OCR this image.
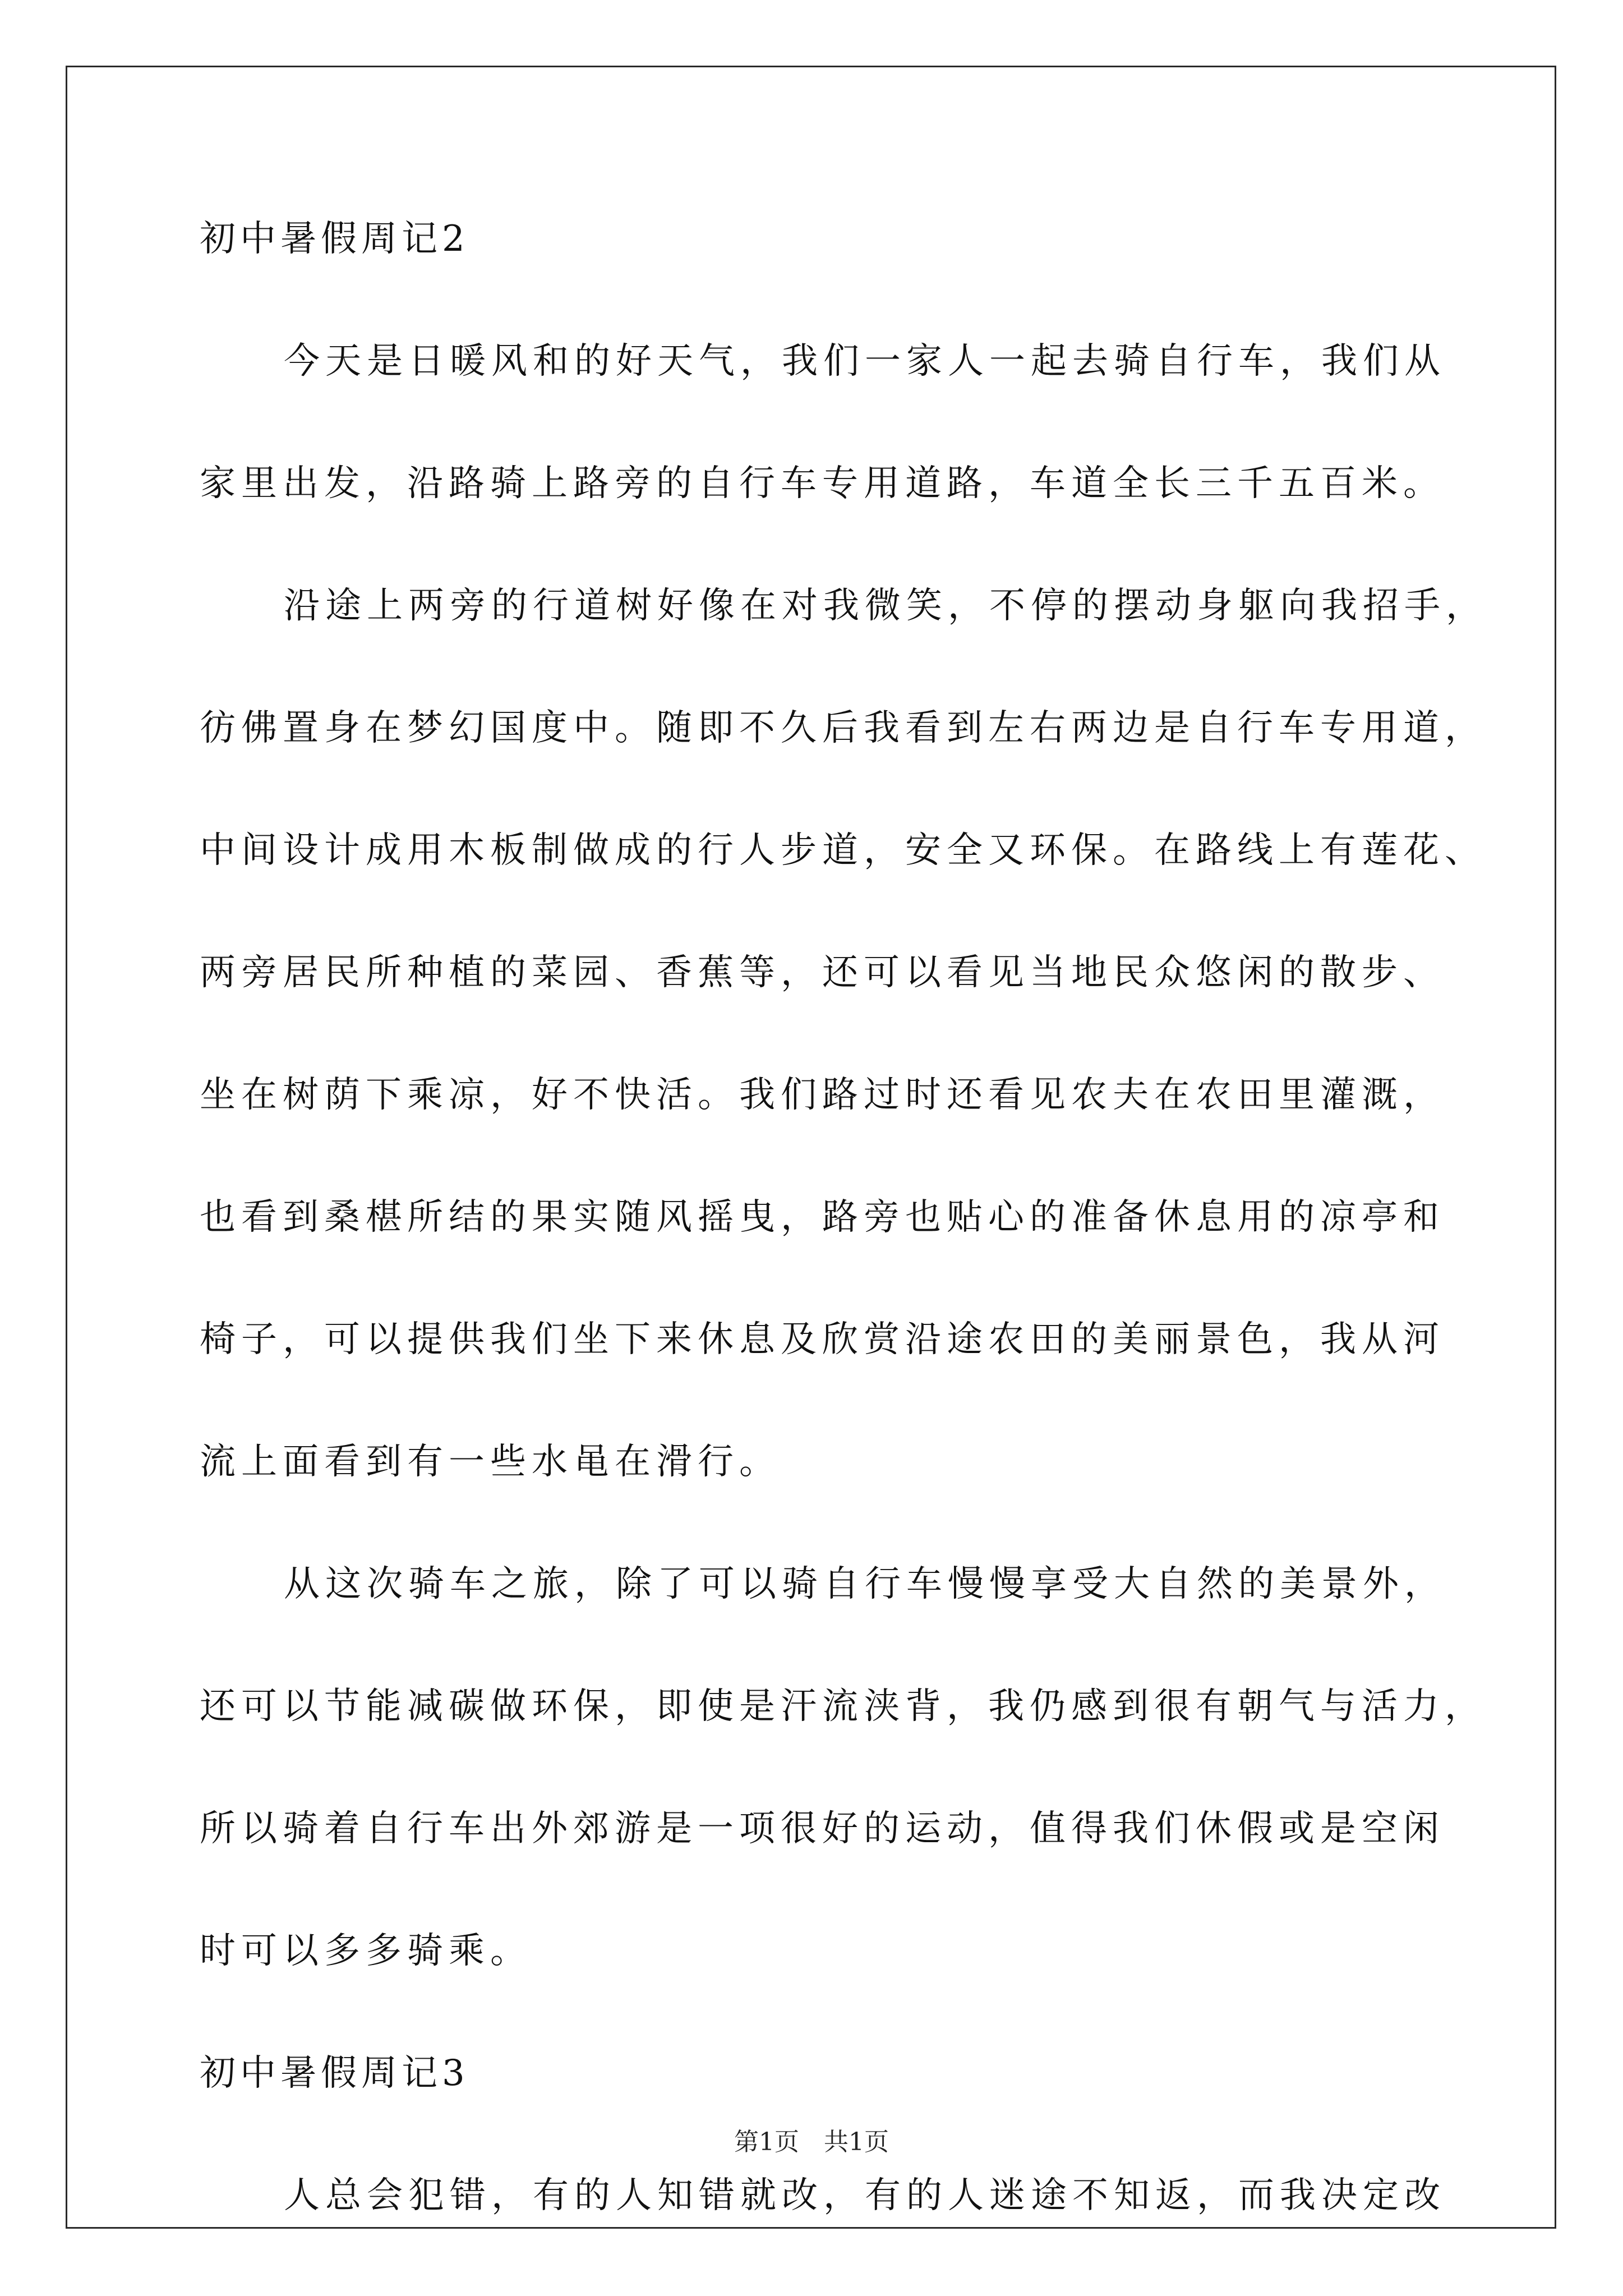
初中暑假周记2
今天是日暖风和的好天气，我们一家人一起去骑自行车，我们从
家里出发，沿路骑上路旁的自行车专用道路，车道全长三千五百米。
沿途上两旁的行道树好像在对我微笑，不停的摆动身躯向我招手，
彷佛置身在梦幻国度中。随即不久后我看到左右两边是自行车专用道，
中间设计成用木板制做成的行人步道，安全又环保。在路线上有莲花、
两旁居民所种植的菜园、香蕉等，还可以看见当地民众悠闲的散步、
坐在树荫下乘凉，好不快活。我们路过时还看见农夫在农田里灌溉，
也看到桑椹所结的果实随风摇曳，路旁也贴心的准备休息用的凉亭和
椅子，可以提供我们坐下来休息及欣赏沿途农田的美丽景色，我从河
流上面看到有一些水黾在滑行。
从这次骑车之旅，除了可以骑自行车慢慢享受大自然的美景外，
还可以节能减碳做环保，即使是汗流浃背，我仍感到很有朝气与活力，
所以骑着自行车出外郊游是一项很好的运动，值得我们休假或是空闲
时可以多多骑乘。
初中暑假周记3
人总会犯错，有的人知错就改，有的人迷途不知返，而我决定改
第1页　共1页
